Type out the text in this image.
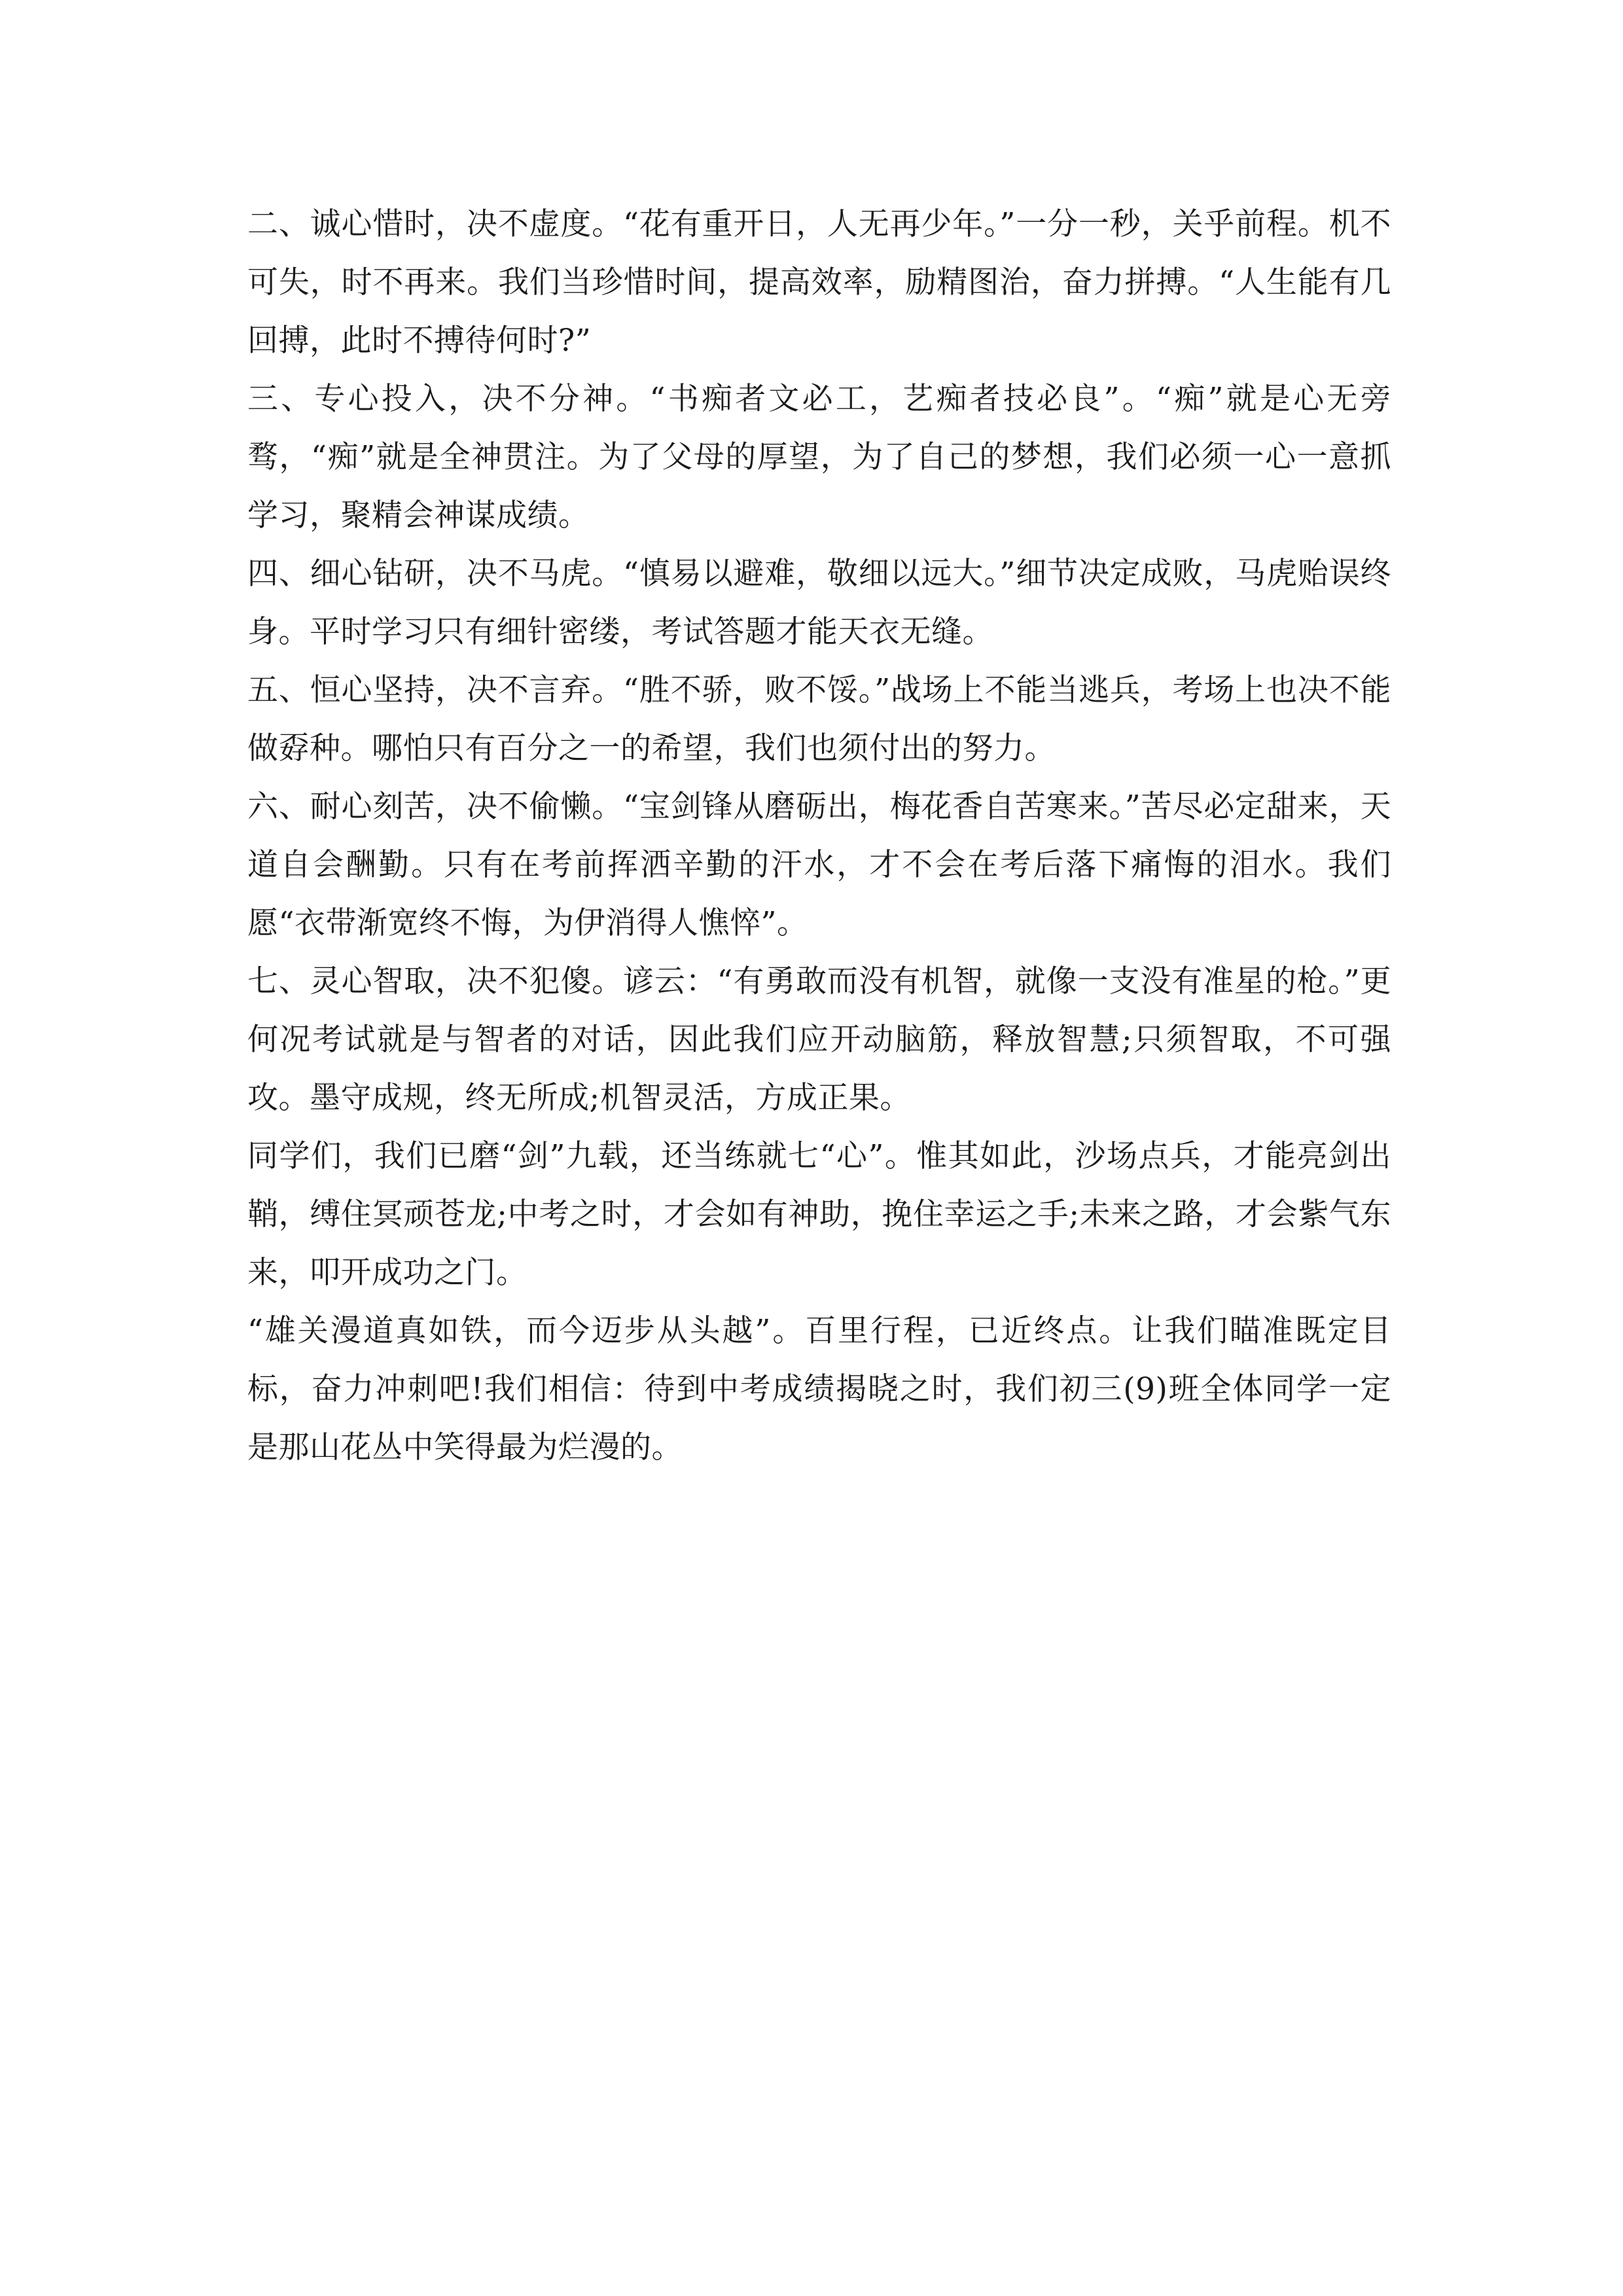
二、诚心惜时，决不虚度。“花有重开日，人无再少年。”一分一秒，关乎前程。机不可失，时不再来。我们当珍惜时间，提高效率，励精图治，奋力拼搏。“人生能有几回搏，此时不搏待何时?”

三、专心投入，决不分神。“书痴者文必工，艺痴者技必良”。“痴”就是心无旁骛，“痴”就是全神贯注。为了父母的厚望，为了自己的梦想，我们必须一心一意抓学习，聚精会神谋成绩。

四、细心钻研，决不马虎。“慎易以避难，敬细以远大。”细节决定成败，马虎贻误终身。平时学习只有细针密缕，考试答题才能天衣无缝。

五、恒心坚持，决不言弃。“胜不骄，败不馁。”战场上不能当逃兵，考场上也决不能做孬种。哪怕只有百分之一的希望，我们也须付出的努力。

六、耐心刻苦，决不偷懒。“宝剑锋从磨砺出，梅花香自苦寒来。”苦尽必定甜来，天道自会酬勤。只有在考前挥洒辛勤的汗水，才不会在考后落下痛悔的泪水。我们愿“衣带渐宽终不悔，为伊消得人憔悴”。

七、灵心智取，决不犯傻。谚云：“有勇敢而没有机智，就像一支没有准星的枪。”更何况考试就是与智者的对话，因此我们应开动脑筋，释放智慧;只须智取，不可强攻。墨守成规，终无所成;机智灵活，方成正果。

同学们，我们已磨“剑”九载，还当练就七“心”。惟其如此，沙场点兵，才能亮剑出鞘，缚住冥顽苍龙;中考之时，才会如有神助，挽住幸运之手;未来之路，才会紫气东来，叩开成功之门。

“雄关漫道真如铁，而今迈步从头越”。百里行程，已近终点。让我们瞄准既定目标，奋力冲刺吧!我们相信：待到中考成绩揭晓之时，我们初三(9)班全体同学一定是那山花丛中笑得最为烂漫的。
